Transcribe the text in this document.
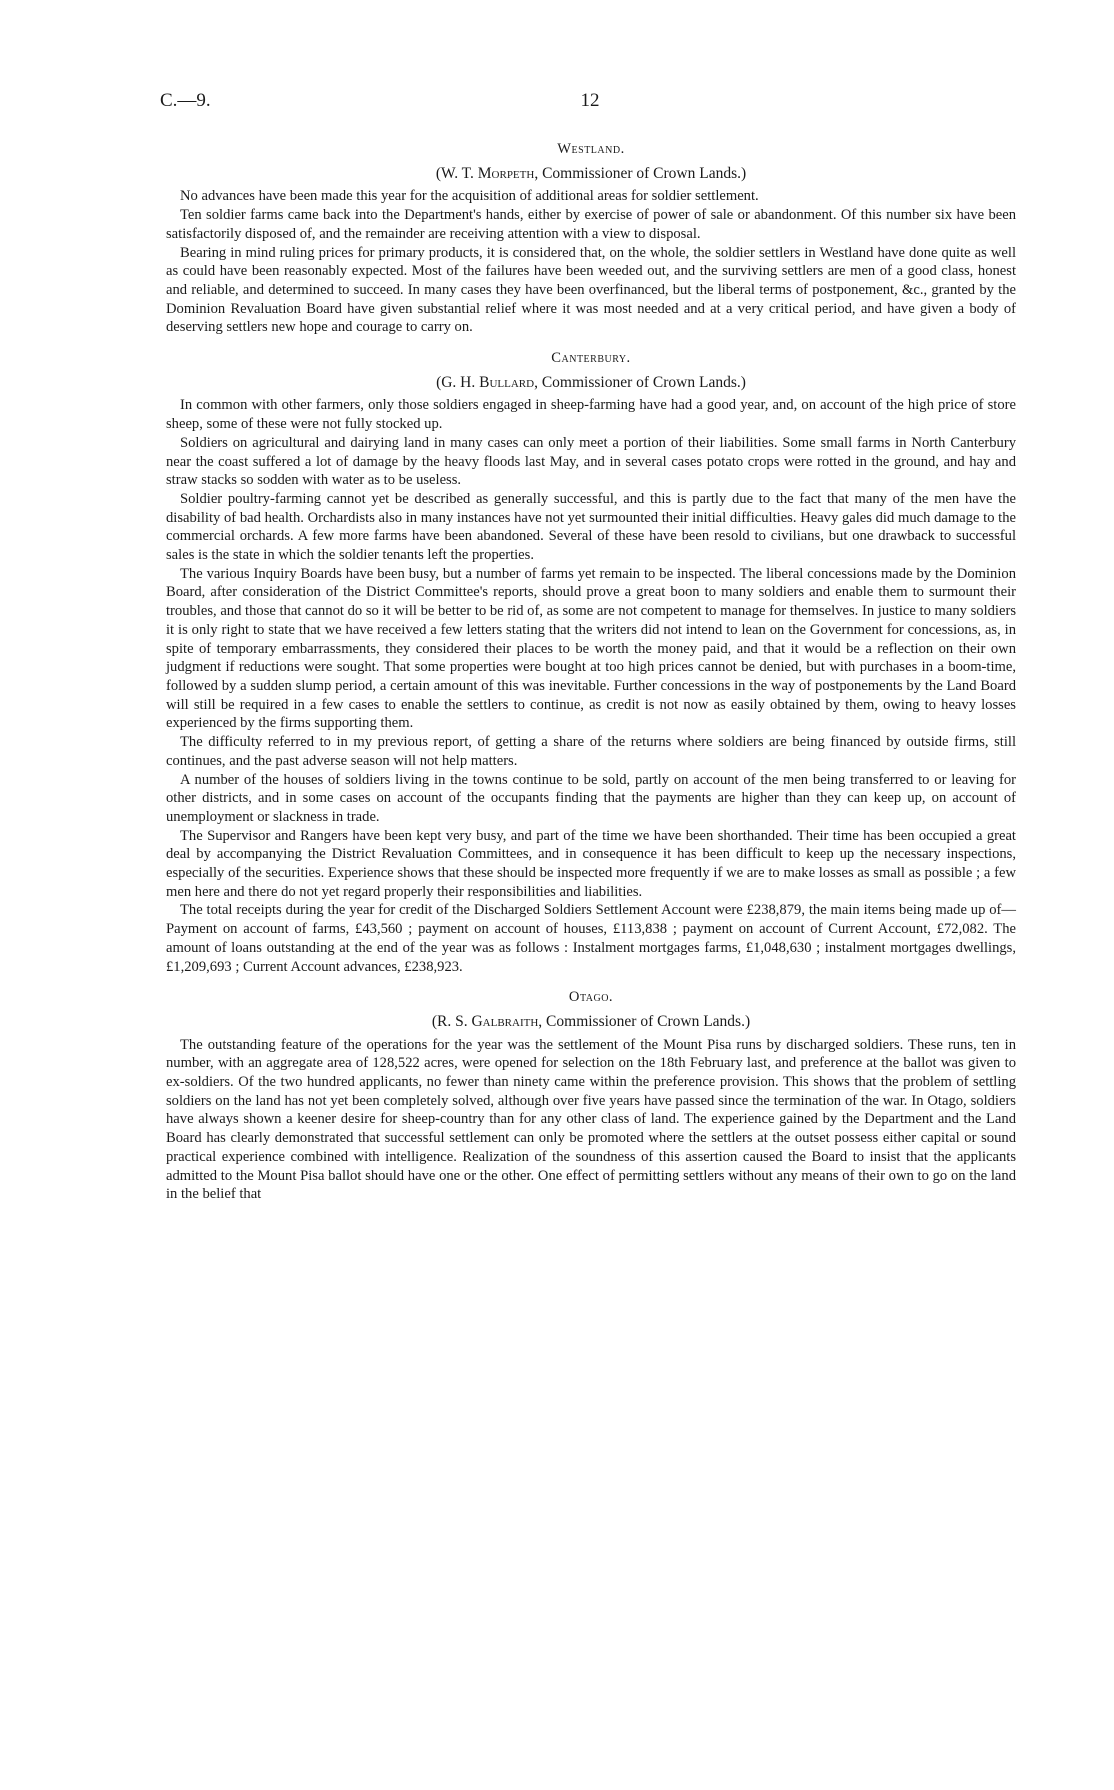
C.—9.	12
Westland.
(W. T. Morpeth, Commissioner of Crown Lands.)

No advances have been made this year for the acquisition of additional areas for soldier settlement.

Ten soldier farms came back into the Department's hands, either by exercise of power of sale or abandonment. Of this number six have been satisfactorily disposed of, and the remainder are receiving attention with a view to disposal.

Bearing in mind ruling prices for primary products, it is considered that, on the whole, the soldier settlers in Westland have done quite as well as could have been reasonably expected. Most of the failures have been weeded out, and the surviving settlers are men of a good class, honest and reliable, and determined to succeed. In many cases they have been overfinanced, but the liberal terms of postponement, &c., granted by the Dominion Revaluation Board have given substantial relief where it was most needed and at a very critical period, and have given a body of deserving settlers new hope and courage to carry on.

Canterbury.
(G. H. Bullard, Commissioner of Crown Lands.)

In common with other farmers, only those soldiers engaged in sheep-farming have had a good year, and, on account of the high price of store sheep, some of these were not fully stocked up.

Soldiers on agricultural and dairying land in many cases can only meet a portion of their liabilities. Some small farms in North Canterbury near the coast suffered a lot of damage by the heavy floods last May, and in several cases potato crops were rotted in the ground, and hay and straw stacks so sodden with water as to be useless.

Soldier poultry-farming cannot yet be described as generally successful, and this is partly due to the fact that many of the men have the disability of bad health. Orchardists also in many instances have not yet surmounted their initial difficulties. Heavy gales did much damage to the commercial orchards. A few more farms have been abandoned. Several of these have been resold to civilians, but one drawback to successful sales is the state in which the soldier tenants left the properties.

The various Inquiry Boards have been busy, but a number of farms yet remain to be inspected. The liberal concessions made by the Dominion Board, after consideration of the District Committee's reports, should prove a great boon to many soldiers and enable them to surmount their troubles, and those that cannot do so it will be better to be rid of, as some are not competent to manage for themselves. In justice to many soldiers it is only right to state that we have received a few letters stating that the writers did not intend to lean on the Government for concessions, as, in spite of temporary embarrassments, they considered their places to be worth the money paid, and that it would be a reflection on their own judgment if reductions were sought. That some properties were bought at too high prices cannot be denied, but with purchases in a boom-time, followed by a sudden slump period, a certain amount of this was inevitable. Further concessions in the way of postponements by the Land Board will still be required in a few cases to enable the settlers to continue, as credit is not now as easily obtained by them, owing to heavy losses experienced by the firms supporting them.

The difficulty referred to in my previous report, of getting a share of the returns where soldiers are being financed by outside firms, still continues, and the past adverse season will not help matters.

A number of the houses of soldiers living in the towns continue to be sold, partly on account of the men being transferred to or leaving for other districts, and in some cases on account of the occupants finding that the payments are higher than they can keep up, on account of unemployment or slackness in trade.

The Supervisor and Rangers have been kept very busy, and part of the time we have been shorthanded. Their time has been occupied a great deal by accompanying the District Revaluation Committees, and in consequence it has been difficult to keep up the necessary inspections, especially of the securities. Experience shows that these should be inspected more frequently if we are to make losses as small as possible ; a few men here and there do not yet regard properly their responsibilities and liabilities.

The total receipts during the year for credit of the Discharged Soldiers Settlement Account were £238,879, the main items being made up of—Payment on account of farms, £43,560 ; payment on account of houses, £113,838 ; payment on account of Current Account, £72,082. The amount of loans outstanding at the end of the year was as follows : Instalment mortgages farms, £1,048,630 ; instalment mortgages dwellings, £1,209,693 ; Current Account advances, £238,923.

Otago.
(R. S. Galbraith, Commissioner of Crown Lands.)

The outstanding feature of the operations for the year was the settlement of the Mount Pisa runs by discharged soldiers. These runs, ten in number, with an aggregate area of 128,522 acres, were opened for selection on the 18th February last, and preference at the ballot was given to ex-soldiers. Of the two hundred applicants, no fewer than ninety came within the preference provision. This shows that the problem of settling soldiers on the land has not yet been completely solved, although over five years have passed since the termination of the war. In Otago, soldiers have always shown a keener desire for sheep-country than for any other class of land. The experience gained by the Department and the Land Board has clearly demonstrated that successful settlement can only be promoted where the settlers at the outset possess either capital or sound practical experience combined with intelligence. Realization of the soundness of this assertion caused the Board to insist that the applicants admitted to the Mount Pisa ballot should have one or the other. One effect of permitting settlers without any means of their own to go on the land in the belief that
